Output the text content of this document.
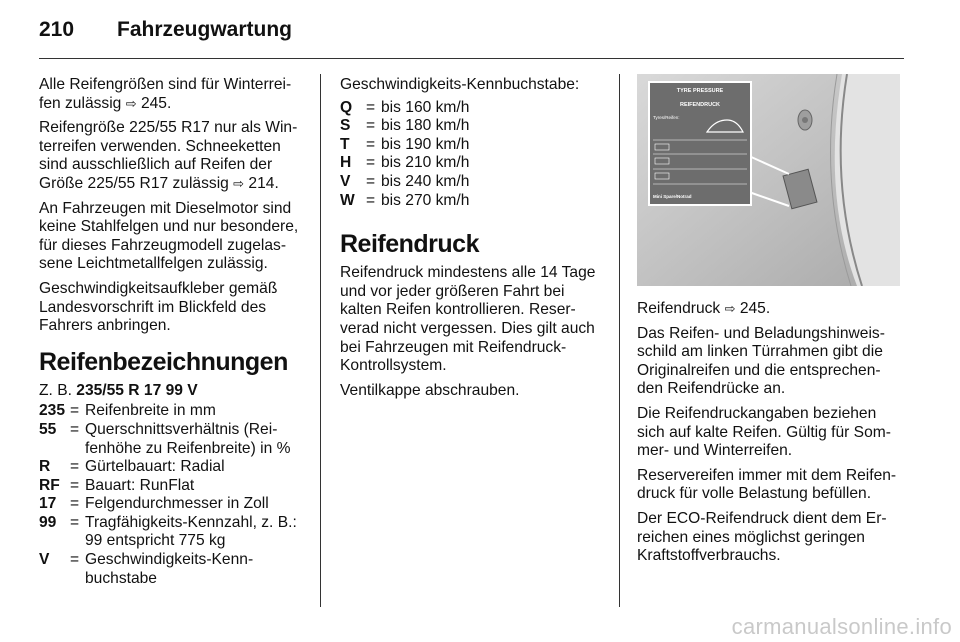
210 Fahrzeugwartung

Alle Reifengrößen sind für Winterrei-fen zulässig ⇨ 245.

Reifengröße 225/55 R17 nur als Win-terreifen verwenden. Schneeketten sind ausschließlich auf Reifen der Größe 225/55 R17 zulässig ⇨ 214.

An Fahrzeugen mit Dieselmotor sind keine Stahlfelgen und nur besondere, für dieses Fahrzeugmodell zugelas-sene Leichtmetallfelgen zulässig.

Geschwindigkeitsaufkleber gemäß Landesvorschrift im Blickfeld des Fahrers anbringen.

Reifenbezeichnungen

Z. B. 235/55 R 17 99 V

235 = Reifenbreite in mm
55 = Querschnittsverhältnis (Rei-fenhöhe zu Reifenbreite) in %
R	= Gürtelbauart: Radial
RF = Bauart: RunFlat
17 = Felgendurchmesser in Zoll
99 = Tragfähigkeits-Kennzahl, z. B.: 99 entspricht 775 kg
V	= Geschwindigkeits-Kenn-buchstabe

Geschwindigkeits-Kennbuchstabe:

Q = bis 160 km/h
S = bis 180 km/h
T	= bis 190 km/h
H = bis 210 km/h
V = bis 240 km/h
W = bis 270 km/h
Reifendruck

Reifendruck mindestens alle 14 Tage und vor jeder größeren Fahrt bei kalten Reifen kontrollieren. Reser-verad nicht vergessen. Dies gilt auch bei Fahrzeugen mit Reifendruck-Kontrollsystem.

Ventilkappe abschrauben.

TYRE PRESSURE
REIFENDRUCK
Tyres/Reifen:
Mini Spare/Notrad

Reifendruck ⇨ 245.

Das Reifen- und Beladungshinweis-schild am linken Türrahmen gibt die Originalreifen und die entsprechen-den Reifendrücke an.

Die Reifendruckangaben beziehen sich auf kalte Reifen. Gültig für Som-mer- und Winterreifen.

Reservereifen immer mit dem Reifen-druck für volle Belastung befüllen.

Der ECO-Reifendruck dient dem Er-reichen eines möglichst geringen Kraftstoffverbrauchs.

carmanualsonline.info
